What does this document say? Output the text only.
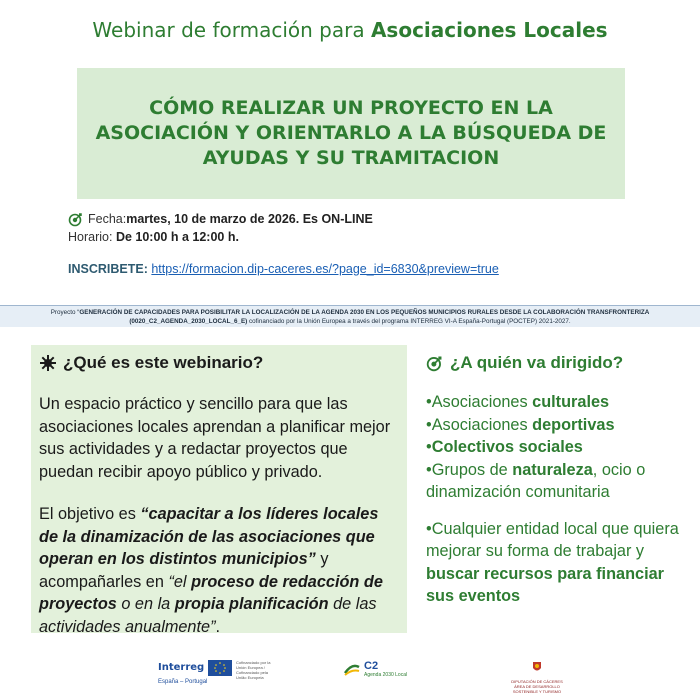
Webinar de formación para Asociaciones Locales
CÓMO REALIZAR UN PROYECTO EN LA ASOCIACIÓN Y ORIENTARLO A LA BÚSQUEDA DE AYUDAS Y SU TRAMITACION
Fecha: martes, 10 de marzo de 2026. Es ON-LINE
Horario:
De 10:00 h a 12:00 h.
INSCRIBETE: https://formacion.dip-caceres.es/?page_id=6830&preview=true
Proyecto “GENERACIÓN DE CAPACIDADES PARA POSIBILITAR LA LOCALIZACIÓN DE LA AGENDA 2030 EN LOS PEQUEÑOS MUNICIPIOS RURALES DESDE LA COLABORACIÓN TRANSFRONTERIZA (0020_C2_AGENDA_2030_LOCAL_6_E) cofinanciado por la Unión Europea a través del programa INTERREG VI-A España-Portugal (POCTEP) 2021-2027.
¿Qué es este webinario?

Un espacio práctico y sencillo para que las asociaciones locales aprendan a planificar mejor sus actividades y a redactar proyectos que puedan recibir apoyo público y privado.

El objetivo es “capacitar a los líderes locales de la dinamización de las asociaciones que operan en los distintos municipios” y acompañarles en “el proceso de redacción de proyectos o en la propia planificación de las actividades anualmente”.

¿A quién va dirigido?
•Asociaciones culturales
•Asociaciones deportivas
•Colectivos sociales
•Grupos de naturaleza, ocio o dinamización comunitaria
•Cualquier entidad local que quiera mejorar su forma de trabajar y buscar recursos para financiar sus eventos
Interreg
España – Portugal
Cofinanciado por la Unión Europea / Cofinanciado pela União Europeia
C2
Agenda 2030 Local
DIPUTACIÓN DE CÁCERES
ÁREA DE DESARROLLO SOSTENIBLE Y TURISMO
